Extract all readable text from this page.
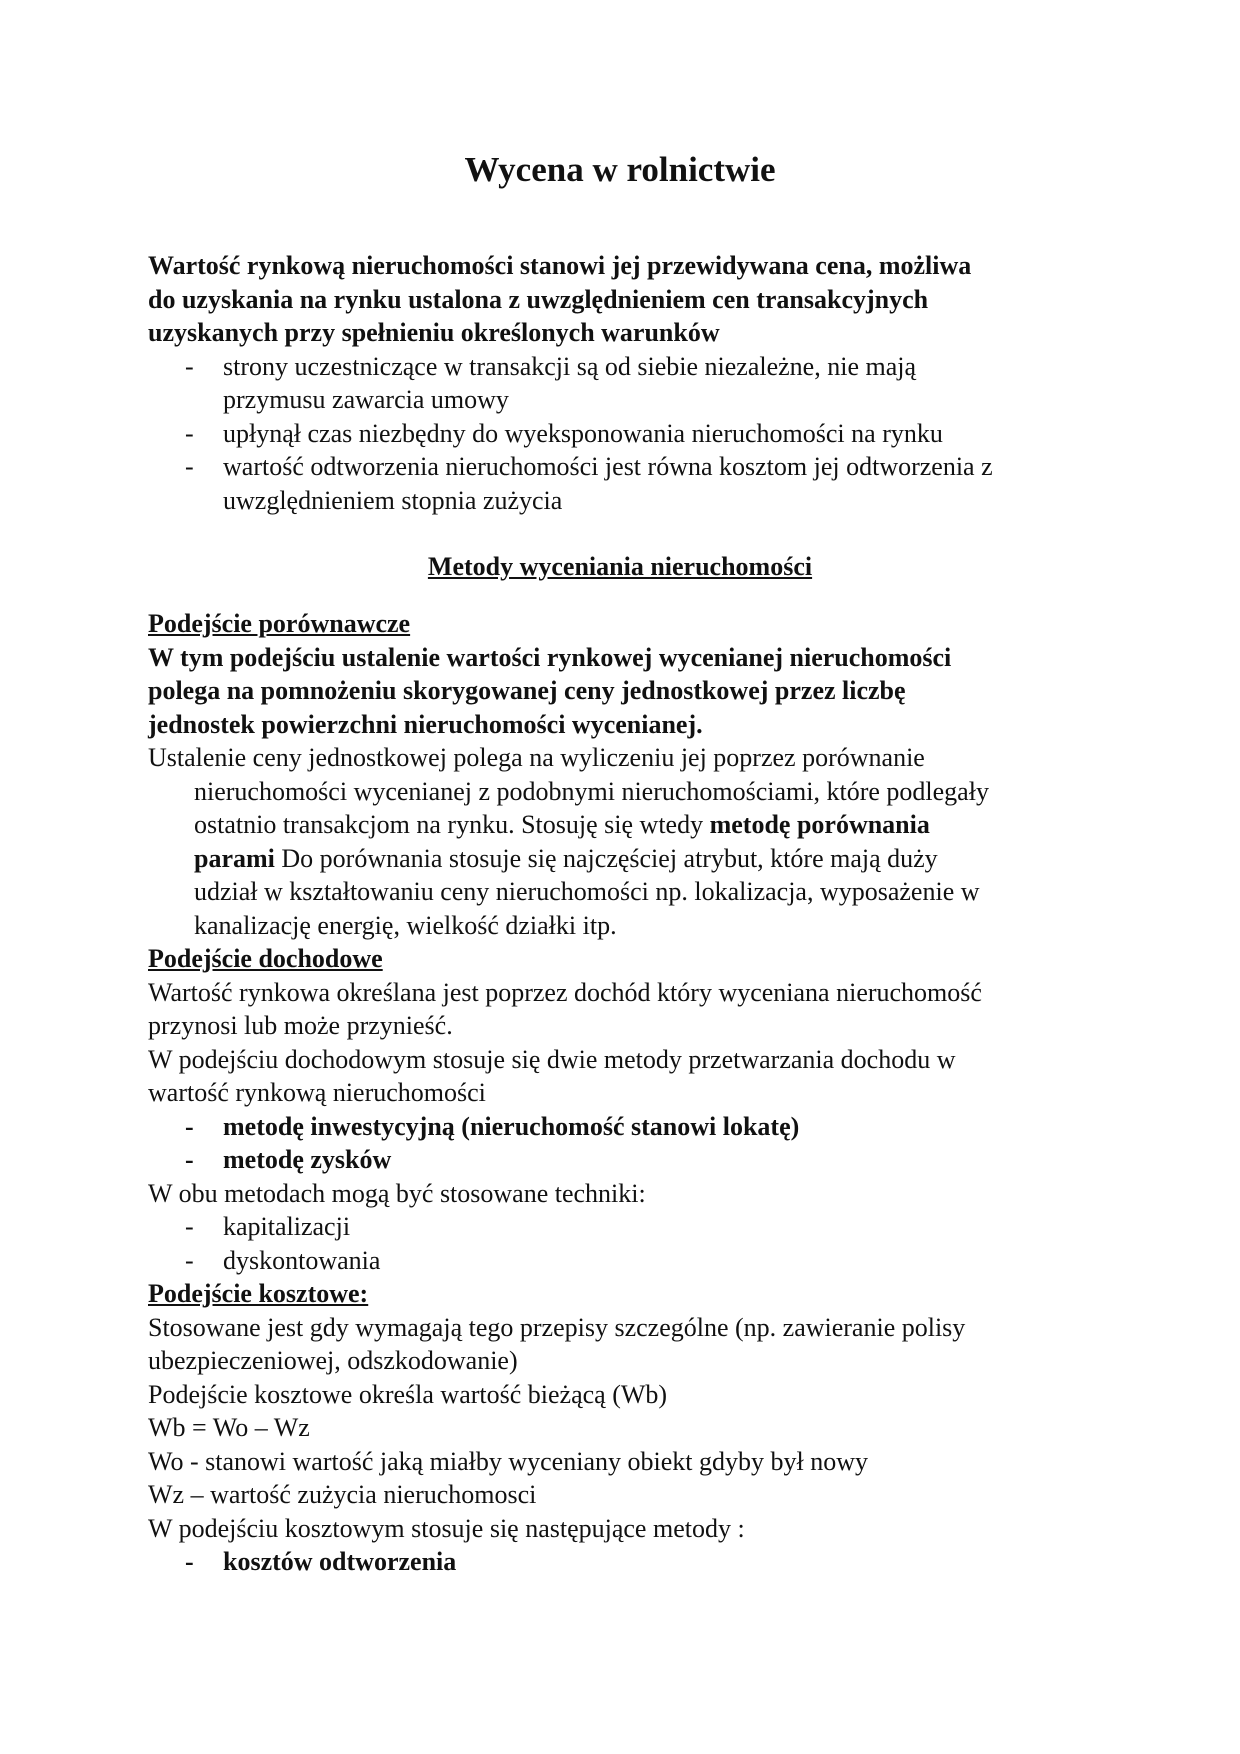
Wycena w rolnictwie
Wartość rynkową nieruchomości stanowi jej przewidywana cena, możliwa
do uzyskania na rynku ustalona z uwzględnieniem cen transakcyjnych
uzyskanych przy spełnieniu określonych warunków
- strony uczestniczące w transakcji są od siebie niezależne, nie mają
przymusu zawarcia umowy
- upłynął czas niezbędny do wyeksponowania nieruchomości na rynku
- wartość odtworzenia nieruchomości jest równa kosztom jej odtworzenia z
uwzględnieniem stopnia zużycia
Metody wyceniania nieruchomości
Podejście porównawcze
W tym podejściu ustalenie wartości rynkowej wycenianej nieruchomości
polega na pomnożeniu skorygowanej ceny jednostkowej przez liczbę
jednostek powierzchni nieruchomości wycenianej.
Ustalenie ceny jednostkowej polega na wyliczeniu jej poprzez porównanie
nieruchomości wycenianej z podobnymi nieruchomościami, które podlegały
ostatnio transakcjom na rynku. Stosuję się wtedy metodę porównania
parami Do porównania stosuje się najczęściej atrybut, które mają duży
udział w kształtowaniu ceny nieruchomości np. lokalizacja, wyposażenie w
kanalizację energię, wielkość działki itp.
Podejście dochodowe
Wartość rynkowa określana jest poprzez dochód który wyceniana nieruchomość
przynosi lub może przynieść.
W podejściu dochodowym stosuje się dwie metody przetwarzania dochodu w
wartość rynkową nieruchomości
- metodę inwestycyjną (nieruchomość stanowi lokatę)
- metodę zysków
W obu metodach mogą być stosowane techniki:
- kapitalizacji
- dyskontowania
Podejście kosztowe:
Stosowane jest gdy wymagają tego przepisy szczególne (np. zawieranie polisy
ubezpieczeniowej, odszkodowanie)
Podejście kosztowe określa wartość bieżącą (Wb)
Wb = Wo – Wz
Wo - stanowi wartość jaką miałby wyceniany obiekt gdyby był nowy
Wz – wartość zużycia nieruchomosci
W podejściu kosztowym stosuje się następujące metody :
- kosztów odtworzenia
